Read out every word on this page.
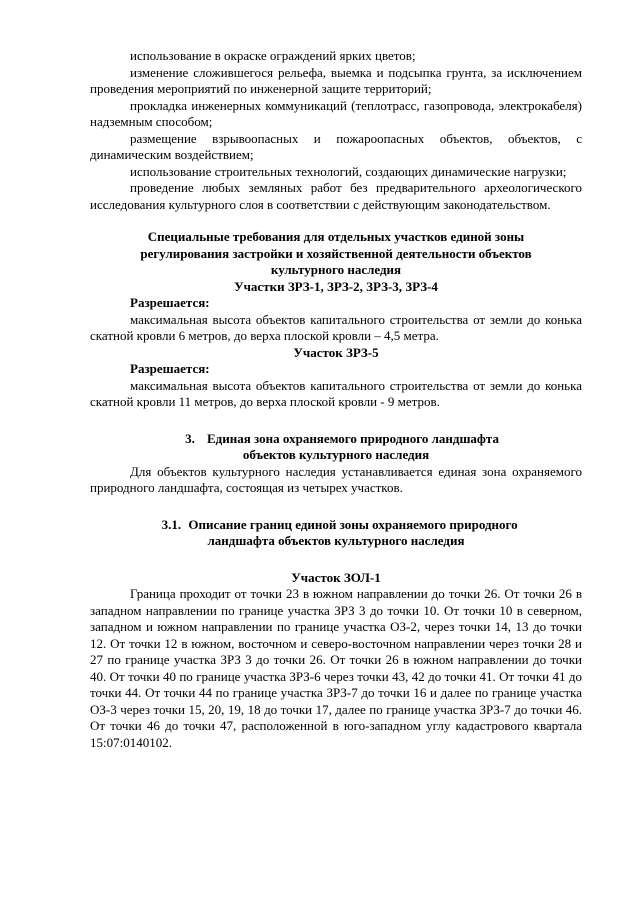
использование в окраске ограждений ярких цветов;

изменение сложившегося рельефа, выемка и подсыпка грунта, за исключением проведения мероприятий по инженерной защите территорий;

прокладка инженерных коммуникаций (теплотрасс, газопровода, электрокабеля) надземным способом;

размещение взрывоопасных и пожароопасных объектов, объектов, с динамическим воздействием;

использование строительных технологий, создающих динамические нагрузки;

проведение любых земляных работ без предварительного археологического исследования культурного слоя в соответствии с действующим законодательством.

Специальные требования для отдельных участков единой зоны
регулирования застройки и хозяйственной деятельности объектов
культурного наследия
Участки ЗРЗ-1, ЗРЗ-2, ЗРЗ-3, ЗРЗ-4
Разрешается:

максимальная высота объектов капитального строительства от земли до конька скатной кровли 6 метров, до верха плоской кровли – 4,5 метра.

Участок ЗРЗ-5
Разрешается:

максимальная высота объектов капитального строительства от земли до конька скатной кровли 11 метров, до верха плоской кровли - 9 метров.

3. Единая зона охраняемого природного ландшафта
объектов культурного наследия

Для объектов культурного наследия устанавливается единая зона охраняемого природного ландшафта, состоящая из четырех участков.

3.1. Описание границ единой зоны охраняемого природного
ландшафта объектов культурного наследия
Участок ЗОЛ-1

Граница проходит от точки 23 в южном направлении до точки 26. От точки 26 в западном направлении по границе участка ЗРЗ 3 до точки 10. От точки 10 в северном, западном и южном направлении по границе участка ОЗ-2, через точки 14, 13 до точки 12. От точки 12 в южном, восточном и северо-восточном направлении через точки 28 и 27 по границе участка ЗРЗ 3 до точки 26. От точки 26 в южном направлении до точки 40. От точки 40 по границе участка ЗРЗ-6 через точки 43, 42 до точки 41. От точки 41 до точки 44. От точки 44 по границе участка ЗРЗ-7 до точки 16 и далее по границе участка ОЗ-3 через точки 15, 20, 19, 18 до точки 17, далее по границе участка ЗРЗ-7 до точки 46. От точки 46 до точки 47, расположенной в юго-западном углу кадастрового квартала 15:07:0140102.
